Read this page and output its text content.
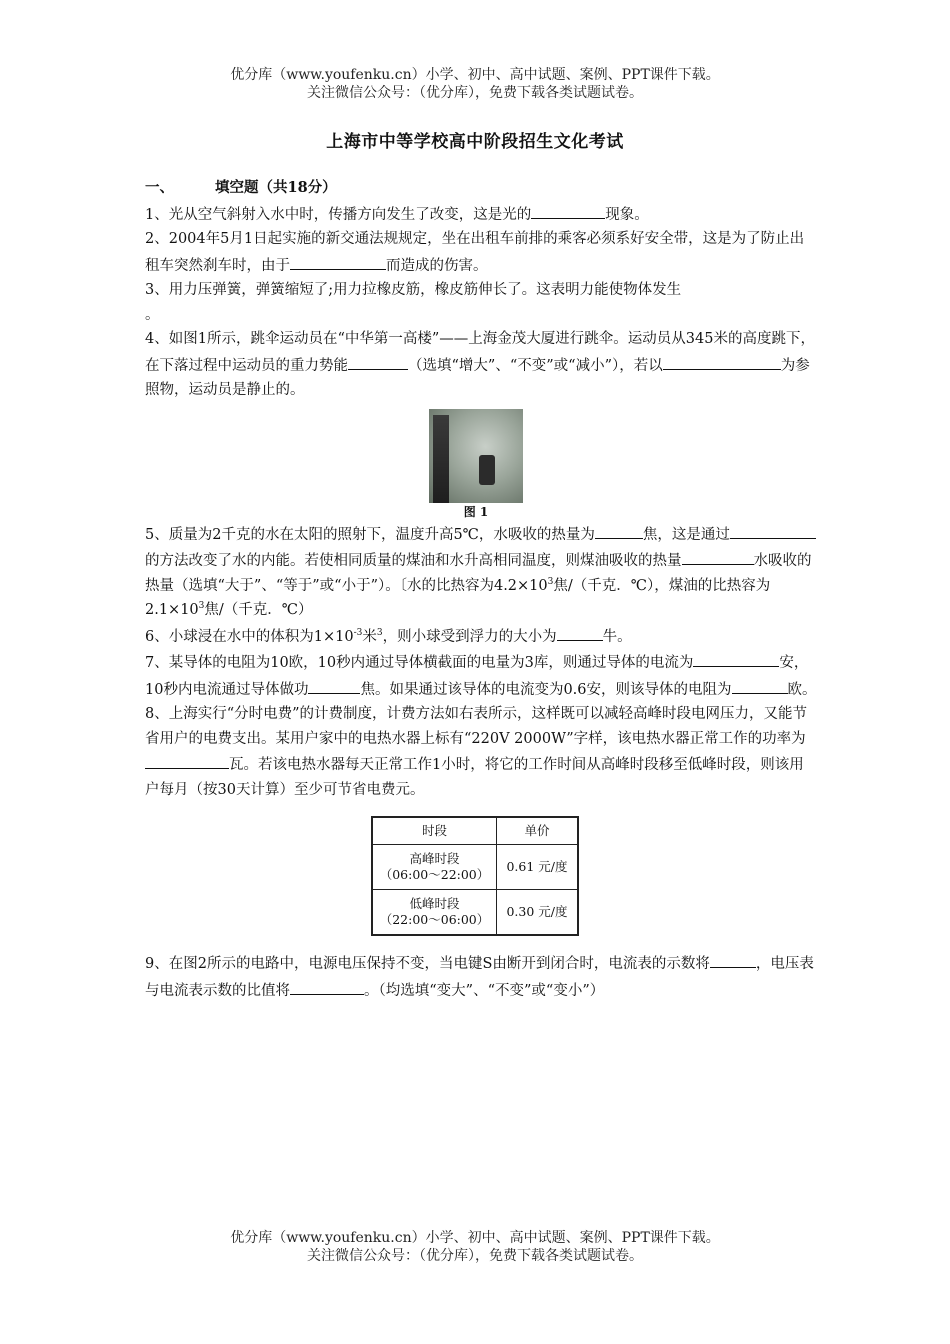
优分库（www.youfenku.cn）小学、初中、高中试题、案例、PPT课件下载。
关注微信公众号：（优分库），免费下载各类试题试卷。
上海市中等学校高中阶段招生文化考试

一、	填空题（共18分）

1、光从空气斜射入水中时，传播方向发生了改变，这是光的	现象。

2、2004年5月1日起实施的新交通法规规定，坐在出租车前排的乘客必须系好安全带，这是为了防止出租车突然刹车时，由于	而造成的伤害。

3、用力压弹簧，弹簧缩短了;用力拉橡皮筋，橡皮筋伸长了。这表明力能使物体发生
。

4、如图1所示，跳伞运动员在“中华第一高楼”——上海金茂大厦进行跳伞。运动员从345米的高度跳下，在下落过程中运动员的重力势能	（选填“增大”、“不变”或“减小”），若以	为参照物，运动员是静止的。

图 1

5、质量为2千克的水在太阳的照射下，温度升高5℃，水吸收的热量为	焦，这是通过的方法改变了水的内能。若使相同质量的煤油和水升高相同温度，则煤油吸收的热量	水吸收的热量（选填“大于”、“等于”或“小于”）。〔水的比热容为$4.2\times 10^3$焦/（千克．℃），煤油的比热容为$2.1\times 10^3$焦/（千克．℃）

6、小球浸在水中的体积为$1\times 10^{-3}$米$^3$，则小球受到浮力的大小为	牛。

7、某导体的电阻为10欧，10秒内通过导体横截面的电量为3库，则通过导体的电流为	安，10秒内电流通过导体做功	焦。如果通过该导体的电流变为0.6安，则该导体的电阻为	欧。

8、上海实行“分时电费”的计费制度，计费方法如右表所示，这样既可以减轻高峰时段电网压力，又能节省用户的电费支出。某用户家中的电热水器上标有“220V 2000W”字样，该电热水器正常工作的功率为瓦。若该电热水器每天正常工作1小时，将它的工作时间从高峰时段移至低峰时段，则该用户每月（按30天计算）至少可节省电费元。

时段	单价

高峰时段
（06:00～22:00）	0.61 元/度

低峰时段
（22:00～06:00）	0.30 元/度

9、在图2所示的电路中，电源电压保持不变，当电键S由断开到闭合时，电流表的示数将	，电压表与电流表示数的比值将	。（均选填“变大”、“不变”或“变小”）

优分库（www.youfenku.cn）小学、初中、高中试题、案例、PPT课件下载。
关注微信公众号：（优分库），免费下载各类试题试卷。
